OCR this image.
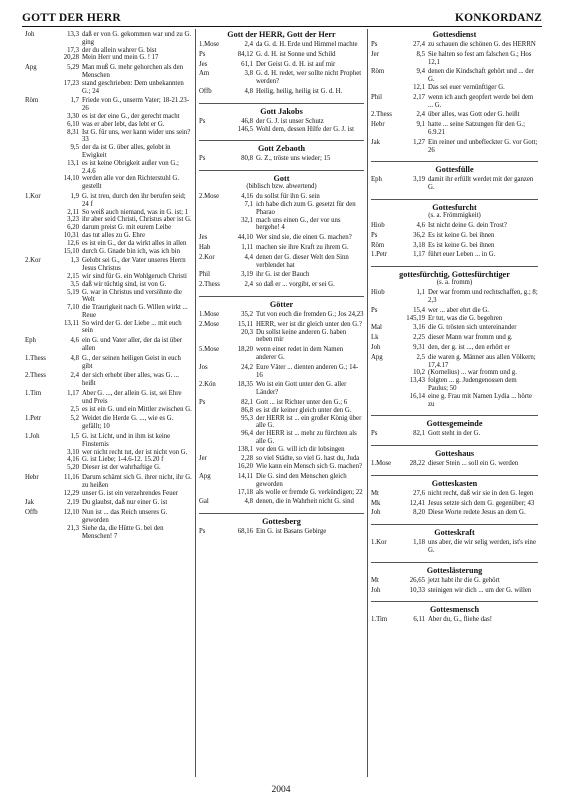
GOTT DER HERR	KONKORDANZ
Joh	13,3 daß er von G. gekommen war und zu G. ging
17,3 der du allein wahrer G. bist
20,28 Mein Herr und mein G. ! 17
Apg	5,29 Man muß G. mehr gehorchen als den Menschen
17,23 stand geschrieben: Dem unbekannten G.; 24
Röm	1,7 Friede von G., unserm Vater; 18-21.23-26
3,30 es ist der eine G., der gerecht macht
6,10 was er aber lebt, das lebt er G.
8,31 Ist G. für uns, wer kann wider uns sein? 33
9,5 der da ist G. über alles, gelobt in Ewigkeit
13,1 es ist keine Obrigkeit außer von G.; 2.4.6
14,10 werden alle vor den Richterstuhl G. gestellt
1.Kor	1,9 G. ist treu, durch den ihr berufen seid; 24 f
2,11 So weiß auch niemand, was in G. ist; 1
3,23 ihr aber seid Christi, Christus aber ist G.
6,20 darum preist G. mit eurem Leibe
10,31 das tut alles zu G. Ehre
12,6 es ist ein G., der da wirkt alles in allen
15,10 durch G. Gnade bin ich, was ich bin
2.Kor	1,3 Gelobt sei G., der Vater unseres Herrn Jesus Christus
2,15 wir sind für G. ein Wohlgeruch Christi
3,5 daß wir tüchtig sind, ist von G.
5,19 G. war in Christus und versöhnte die Welt
7,10 die Traurigkeit nach G. Willen wirkt ... Reue
13,11 So wird der G. der Liebe ... mit euch sein
Eph	4,6 ein G. und Vater aller, der da ist über allen
1.Thess	4,8 G., der seinen heiligen Geist in euch gibt
2.Thess	2,4 der sich erhebt über alles, was G. ... heißt
1.Tim	1,17 Aber G. ..., der allein G. ist, sei Ehre und Preis
2,5 es ist ein G. und ein Mittler zwischen G.
1.Petr	5,2 Weidet die Herde G. ..., wie es G. gefällt; 10
1.Joh	1,5 G. ist Licht, und in ihm ist keine Finsternis
3,10 wer nicht recht tut, der ist nicht von G.
4,16 G. ist Liebe; 1-4.6-12. 15.20 f
5,20 Dieser ist der wahrhaftige G.
Hebr	11,16 Darum schämt sich G. ihrer nicht, ihr G. zu heißen
12,29 unser G. ist ein verzehrendes Feuer
Jak	2,19 Du glaubst, daß nur einer G. ist
Offb	12,10 Nun ist ... das Reich unseres G. geworden
21,3 Siehe da, die Hütte G. bei den Menschen! 7
Gott der HERR, Gott der Herr
1.Mose	2,4 da G. d. H. Erde und Himmel machte
Ps	84,12 G. d. H. ist Sonne und Schild
Jes	61,1 Der Geist G. d. H. ist auf mir
Am	3,8 G. d. H. redet, wer sollte nicht Prophet werden?
Offb	4,8 Heilig, heilig, heilig ist G. d. H.
Gott Jakobs
Ps	46,8 der G. J. ist unser Schutz
146,5 Wohl dem, dessen Hilfe der G. J. ist
Gott Zebaoth
Ps	80,8 G. Z., tröste uns wieder; 15
Gott
(biblisch bzw. abwertend)
2.Mose	4,16 du sollst für ihn G. sein
7,1 ich habe dich zum G. gesetzt für den Pharao
32,1 mach uns einen G., der vor uns hergehe! 4
Jes	44,10 Wer sind sie, die einen G. machen?
Hab	1,11 machen sie ihre Kraft zu ihrem G.
2.Kor	4,4 denen der G. dieser Welt den Sinn verblendet hat
Phil	3,19 ihr G. ist der Bauch
2.Thess	2,4 so daß er ... vorgibt, er sei G.
Götter
1.Mose	35,2 Tut von euch die fremden G.; Jos 24,23
2.Mose	15,11 HERR, wer ist dir gleich unter den G.?
20,3 Du sollst keine anderen G. haben neben mir
5.Mose	18,20 wenn einer redet in dem Namen anderer G.
Jos	24,2 Eure Väter ... dienten anderen G.; 14-16
2.Kön	18,35 Wo ist ein Gott unter den G. aller Länder?
Ps	82,1 Gott ... ist Richter unter den G.; 6
86,8 es ist dir keiner gleich unter den G.
95,3 der HERR ist ... ein großer König über alle G.
96,4 der HERR ist ... mehr zu fürchten als alle G.
138,1 vor den G. will ich dir lobsingen
Jer	2,28 so viel Städte, so viel G. hast du, Juda
16,20 Wie kann ein Mensch sich G. machen?
Apg	14,11 Die G. sind den Menschen gleich geworden
17,18 als wolle er fremde G. verkündigen; 22
Gal	4,8 denen, die in Wahrheit nicht G. sind
Gottesberg
Ps	68,16 Ein G. ist Basans Gebirge
Gottesdienst
Ps	27,4 zu schauen die schönen G. des HERRN
Jer	8,5 Sie halten so fest am falschen G.; Hos 12,1
Röm	9,4 denen die Kindschaft gehört und ... der G.
12,1 Das sei euer vernünftiger G.
Phil	2,17 wenn ich auch geopfert werde bei dem ... G.
2.Thess	2,4 über alles, was Gott oder G. heißt
Hebr	9,1 hatte ... seine Satzungen für den G.; 6.9.21
Jak	1,27 Ein reiner und unbefleckter G. vor Gott; 26
Gottesfülle
Eph	3,19 damit ihr erfüllt werdet mit der ganzen G.
Gottesfurcht
(s. a. Frömmigkeit)
Hiob	4,6 Ist nicht deine G. dein Trost?
Ps	36,2 Es ist keine G. bei ihnen
Röm	3,18 Es ist keine G. bei ihnen
1.Petr	1,17 führt euer Leben ... in G.
gottesfürchtig, Gottesfürchtiger
(s. a. fromm)
Hiob	1,1 Der war fromm und rechtschaffen, g.; 8; 2,3
Ps	15,4 wer ... aber ehrt die G.
145,19 Er tut, was die G. begehren
Mal	3,16 die G. trösten sich untereinander
Lk	2,25 dieser Mann war fromm und g.
Joh	9,31 den, der g. ist ..., den erhört er
Apg	2,5 die waren g. Männer aus allen Völkern; 17,4.17
10,2 (Kornelius) ... war fromm und g.
13,43 folgten ... g. Judengenossen dem Paulus; 50
16,14 eine g. Frau mit Namen Lydia ... hörte zu
Gottesgemeinde
Ps	82,1 Gott steht in der G.
Gotteshaus
1.Mose	28,22 dieser Stein ... soll ein G. werden
Gotteskasten
Mt	27,6 nicht recht, daß wir sie in den G. legen
Mk	12,41 Jesus setzte sich dem G. gegenüber; 43
Joh	8,20 Diese Worte redete Jesus an dem G.
Gotteskraft
1.Kor	1,18 uns aber, die wir selig werden, ist's eine G.
Gotteslästerung
Mt	26,65 jetzt habt ihr die G. gehört
Joh	10,33 steinigen wir dich ... um der G. willen
Gottesmensch
1.Tim	6,11 Aber du, G., fliehe das!
2004
